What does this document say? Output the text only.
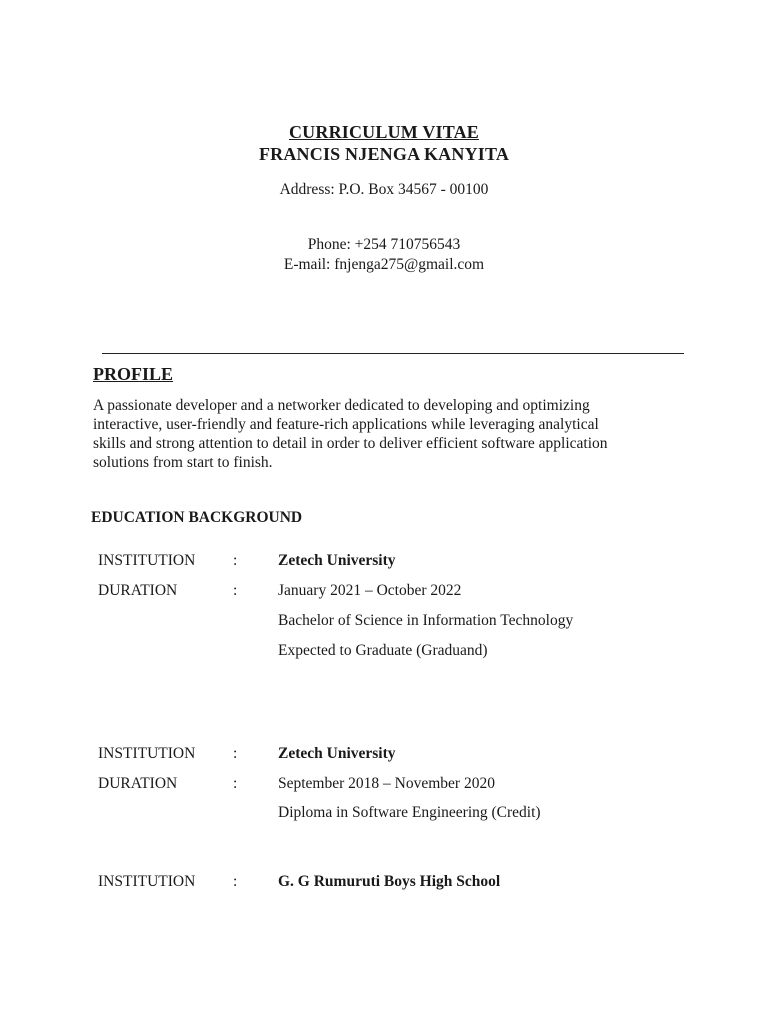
CURRICULUM VITAE
FRANCIS NJENGA KANYITA
Address: P.O. Box 34567 - 00100
Phone: +254 710756543
E-mail: fnjenga275@gmail.com
PROFILE
A passionate developer and a networker dedicated to developing and optimizing
interactive, user-friendly and feature-rich applications while leveraging analytical
skills and strong attention to detail in order to deliver efficient software application
solutions from start to finish.
EDUCATION BACKGROUND
INSTITUTION :	Zetech University
DURATION	:	January 2021 – October 2022
Bachelor of Science in Information Technology
Expected to Graduate (Graduand)
INSTITUTION :	Zetech University
DURATION	:	September 2018 – November 2020
Diploma in Software Engineering (Credit)
INSTITUTION :	G. G Rumuruti Boys High School
